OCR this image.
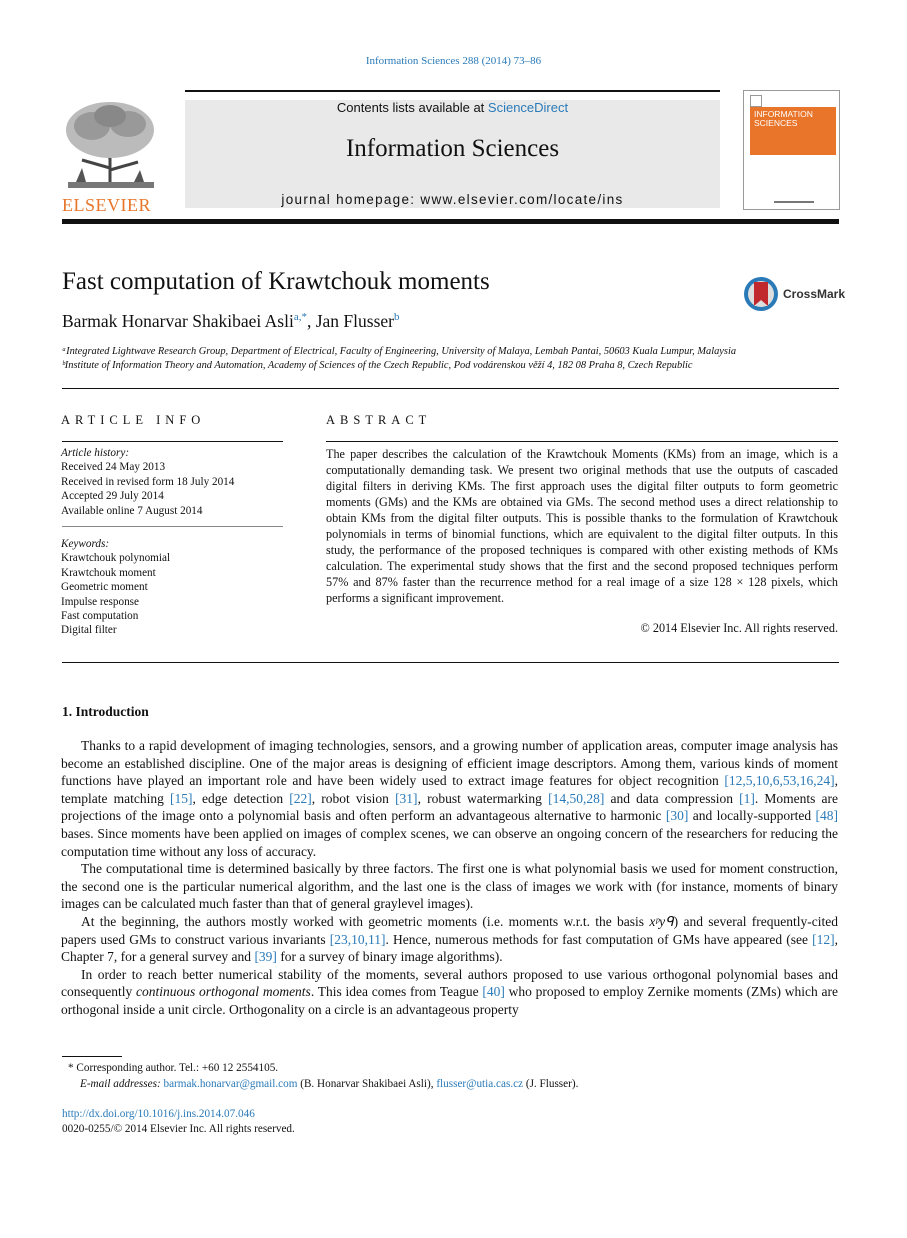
Information Sciences 288 (2014) 73–86
ELSEVIER
Contents lists available at ScienceDirect
Information Sciences
journal homepage: www.elsevier.com/locate/ins
INFORMATION SCIENCES
Fast computation of Krawtchouk moments	CrossMark
Barmak Honarvar Shakibaei Asli$^{a,*}$, Jan Flusser$^b$
ᵃIntegrated Lightwave Research Group, Department of Electrical, Faculty of Engineering, University of Malaya, Lembah Pantai, 50603 Kuala Lumpur, Malaysia
ᵇInstitute of Information Theory and Automation, Academy of Sciences of the Czech Republic, Pod vodárenskou věží 4, 182 08 Praha 8, Czech Republic
ARTICLE INFO
Article history:
Received 24 May 2013
Received in revised form 18 July 2014
Accepted 29 July 2014
Available online 7 August 2014
Keywords:
Krawtchouk polynomial
Krawtchouk moment
Geometric moment
Impulse response
Fast computation
Digital filter
ABSTRACT
The paper describes the calculation of the Krawtchouk Moments (KMs) from an image, which is a computationally demanding task. We present two original methods that use the outputs of cascaded digital filters in deriving KMs. The first approach uses the digital filter outputs to form geometric moments (GMs) and the KMs are obtained via GMs. The second method uses a direct relationship to obtain KMs from the digital filter outputs. This is possible thanks to the formulation of Krawtchouk polynomials in terms of binomial functions, which are equivalent to the digital filter outputs. In this study, the performance of the proposed techniques is compared with other existing methods of KMs calculation. The experimental study shows that the first and the second proposed techniques perform 57% and 87% faster than the recurrence method for a real image of a size 128 × 128 pixels, which performs a significant improvement.
© 2014 Elsevier Inc. All rights reserved.
1. Introduction

Thanks to a rapid development of imaging technologies, sensors, and a growing number of application areas, computer image analysis has become an established discipline. One of the major areas is designing of efficient image descriptors. Among them, various kinds of moment functions have played an important role and have been widely used to extract image features for object recognition [12,5,10,6,53,16,24], template matching [15], edge detection [22], robot vision [31], robust watermarking [14,50,28] and data compression [1]. Moments are projections of the image onto a polynomial basis and often perform an advantageous alternative to harmonic [30] and locally-supported [48] bases. Since moments have been applied on images of complex scenes, we can observe an ongoing concern of the researchers for reducing the computation time without any loss of accuracy.

The computational time is determined basically by three factors. The first one is what polynomial basis we used for moment construction, the second one is the particular numerical algorithm, and the last one is the class of images we work with (for instance, moments of binary images can be calculated much faster than that of general graylevel images).

At the beginning, the authors mostly worked with geometric moments (i.e. moments w.r.t. the basis xᵖyᑫ) and several frequently-cited papers used GMs to construct various invariants [23,10,11]. Hence, numerous methods for fast computation of GMs have appeared (see [12], Chapter 7, for a general survey and [39] for a survey of binary image algorithms).

In order to reach better numerical stability of the moments, several authors proposed to use various orthogonal polynomial bases and consequently continuous orthogonal moments. This idea comes from Teague [40] who proposed to employ Zernike moments (ZMs) which are orthogonal inside a unit circle. Orthogonality on a circle is an advantageous property

* Corresponding author. Tel.: +60 12 2554105.
E-mail addresses: barmak.honarvar@gmail.com (B. Honarvar Shakibaei Asli), flusser@utia.cas.cz (J. Flusser).
http://dx.doi.org/10.1016/j.ins.2014.07.046
0020-0255/© 2014 Elsevier Inc. All rights reserved.
